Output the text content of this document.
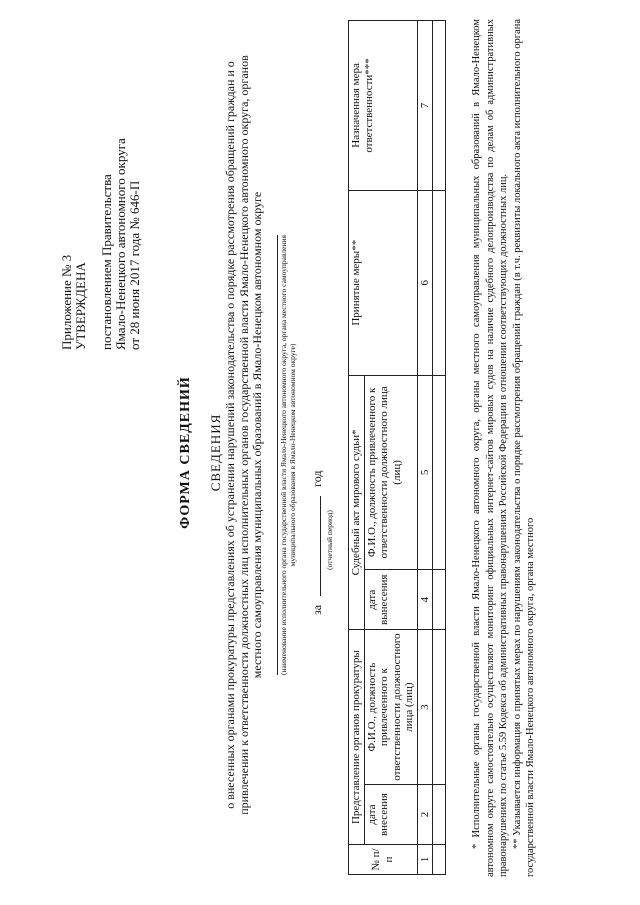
Приложение № 3 УТВЕРЖДЕНА постановлением Правительства Ямало-Ненецкого автономного округа от 28 июня 2017 года № 646-П
ФОРМА СВЕДЕНИЙ СВЕДЕНИЯ о внесенных органами прокуратуры представлениях об устранении нарушений законодательства о порядке рассмотрения обращений граждан и о привлечении к ответственности должностных лиц исполнительных органов государственной власти Ямало-Ненецкого автономного округа, органов местного самоуправления муниципальных образований в Ямало-Ненецком автономном округе (наименование исполнительного органа государственной власти Ямало-Ненецкого автономного округа, органа местного самоуправления муниципального образования в Ямало-Ненецком автономном округе)
за  год
(отчетный период)
№ п/п	Представление органов прокуратуры		Судебный акт мирового судьи*		Принятые меры**	Назначенная мера ответственности***
	дата внесения	Ф.И.О., должность привлеченного к ответственности должностного лица (лиц)	дата вынесения	Ф.И.О., должность привлеченного к ответственности должностного лица (лиц)		
1	2	3	4	5	6	7
							* Исполнительные органы государственной власти Ямало-Ненецкого автономного округа, органы местного самоуправления муниципальных образований в Ямало-Ненецком автономном округе самостоятельно осуществляют мониторинг официальных интернет-сайтов мировых судов на наличие судебного делопроизводства по делам об административных правонарушениях по статье 5.59 Кодекса об административных правонарушениях Российской Федерации в отношении соответствующих должностных лиц. ** Указывается информация о принятых мерах по нарушениям законодательства о порядке рассмотрения обращений граждан (в т.ч. реквизиты локального акта исполнительного органа государственной власти Ямало-Ненецкого автономного округа, органа местного
